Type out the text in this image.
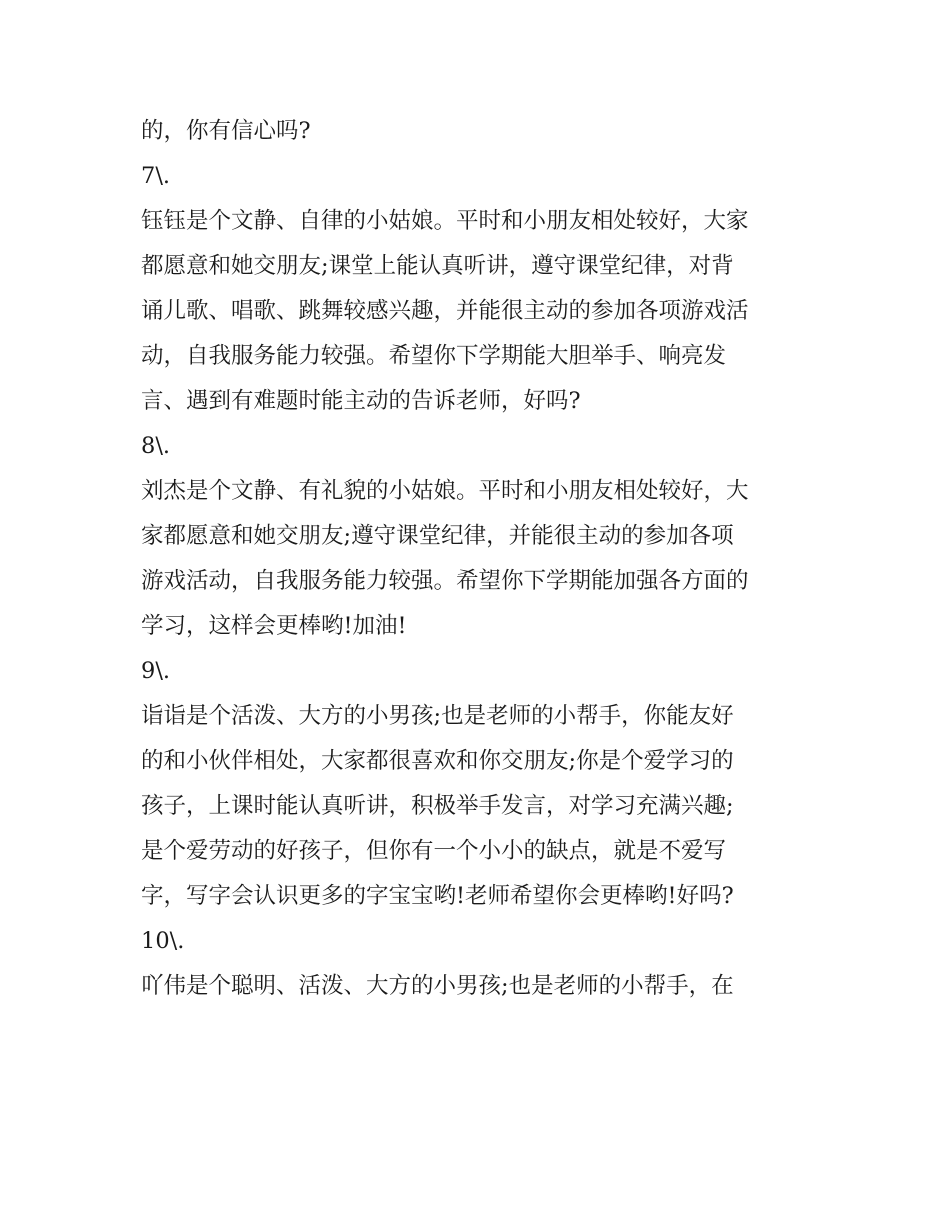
的，你有信心吗?
7\.
钰钰是个文静、自律的小姑娘。平时和小朋友相处较好，大家
都愿意和她交朋友;课堂上能认真听讲，遵守课堂纪律，对背
诵儿歌、唱歌、跳舞较感兴趣，并能很主动的参加各项游戏活
动，自我服务能力较强。希望你下学期能大胆举手、响亮发
言、遇到有难题时能主动的告诉老师，好吗?
8\.
刘杰是个文静、有礼貌的小姑娘。平时和小朋友相处较好，大
家都愿意和她交朋友;遵守课堂纪律，并能很主动的参加各项
游戏活动，自我服务能力较强。希望你下学期能加强各方面的
学习，这样会更棒哟!加油!
9\.
诣诣是个活泼、大方的小男孩;也是老师的小帮手，你能友好
的和小伙伴相处，大家都很喜欢和你交朋友;你是个爱学习的
孩子，上课时能认真听讲，积极举手发言，对学习充满兴趣;
是个爱劳动的好孩子，但你有一个小小的缺点，就是不爱写
字，写字会认识更多的字宝宝哟!老师希望你会更棒哟!好吗?
10\.
吖伟是个聪明、活泼、大方的小男孩;也是老师的小帮手，在
